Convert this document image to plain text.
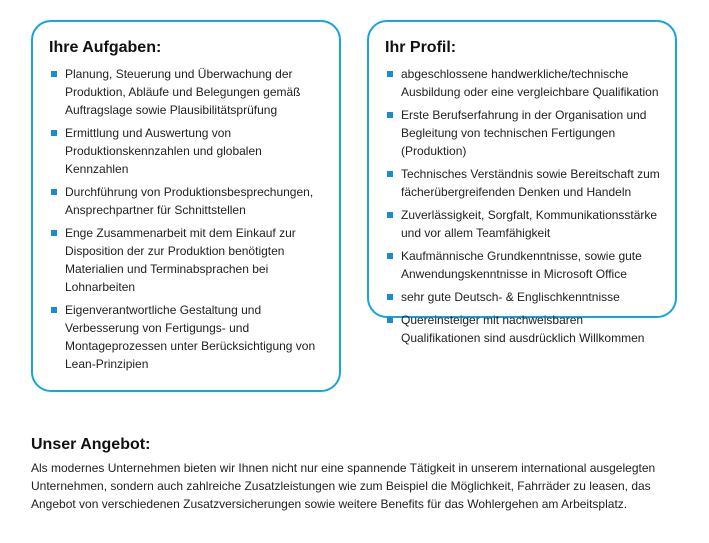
Ihre Aufgaben:
Planung, Steuerung und Überwachung der Produktion, Abläufe und Belegungen gemäß Auftragslage sowie Plausibilitätsprüfung
Ermittlung und Auswertung von Produktionskennzahlen und globalen Kennzahlen
Durchführung von Produktionsbesprechungen, Ansprechpartner für Schnittstellen
Enge Zusammenarbeit mit dem Einkauf zur Disposition der zur Produktion benötigten Materialien und Terminabsprachen bei Lohnarbeiten
Eigenverantwortliche Gestaltung und Verbesserung von Fertigungs- und Montageprozessen unter Berücksichtigung von Lean-Prinzipien
Ihr Profil:
abgeschlossene handwerkliche/technische Ausbildung oder eine vergleichbare Qualifikation
Erste Berufserfahrung in der Organisation und Begleitung von technischen Fertigungen (Produktion)
Technisches Verständnis sowie Bereitschaft zum fächerübergreifenden Denken und Handeln
Zuverlässigkeit, Sorgfalt, Kommunikationsstärke und vor allem Teamfähigkeit
Kaufmännische Grundkenntnisse, sowie gute Anwendungskenntnisse in Microsoft Office
sehr gute Deutsch- & Englischkenntnisse
Quereinsteiger mit nachweisbaren Qualifikationen sind ausdrücklich Willkommen
Unser Angebot:

Als modernes Unternehmen bieten wir Ihnen nicht nur eine spannende Tätigkeit in unserem international ausgelegten Unternehmen, sondern auch zahlreiche Zusatzleistungen wie zum Beispiel die Möglichkeit, Fahrräder zu leasen, das Angebot von verschiedenen Zusatzversicherungen sowie weitere Benefits für das Wohlergehen am Arbeitsplatz.
